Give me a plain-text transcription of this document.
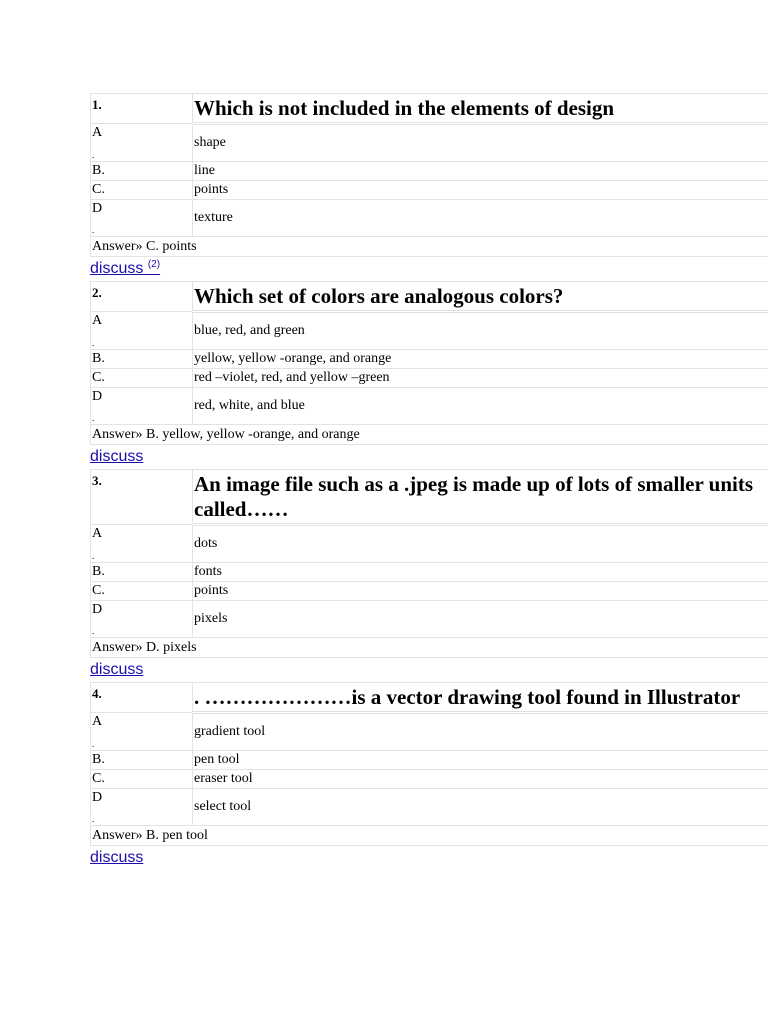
1.	Which is not included in the elements of design
A
.	shape
B.	line
C.	points
D
.	texture
Answer» C. points	
discuss $^{(2)}$
2.	Which set of colors are analogous colors?
A
.	blue, red, and green
B.	yellow, yellow -orange, and orange
C.	red –violet, red, and yellow –green
D
.	red, white, and blue
Answer» B. yellow, yellow -orange, and orange	
discuss
3.	An image file such as a .jpeg is made up of lots of smaller units called……
A
.	dots
B.	fonts
C.	points
D
.	pixels
Answer» D. pixels	
discuss
4.	. …………………is a vector drawing tool found in Illustrator
A
.	gradient tool
B.	pen tool
C.	eraser tool
D
.	select tool
Answer» B. pen tool	
discuss
